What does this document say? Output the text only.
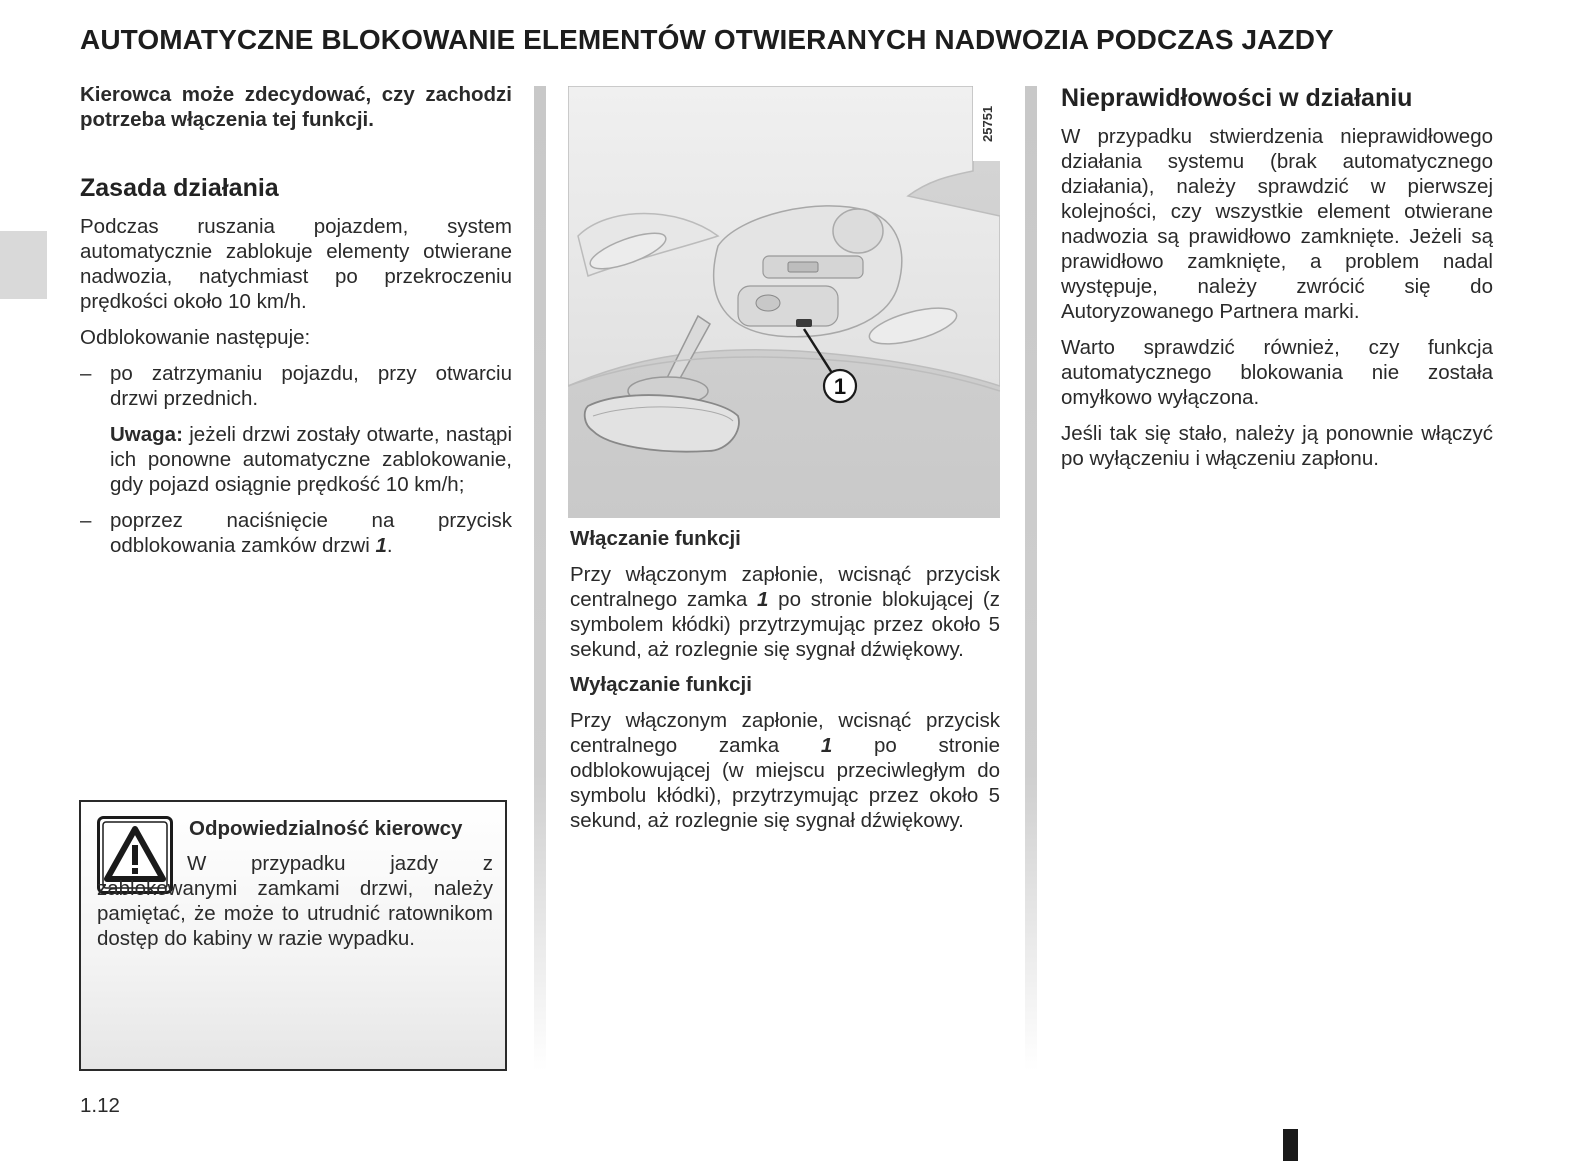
AUTOMATYCZNE BLOKOWANIE ELEMENTÓW OTWIERANYCH NADWOZIA PODCZAS JAZDY

Kierowca może zdecydować, czy zachodzi potrzeba włączenia tej funkcji.

Zasada działania

Podczas ruszania pojazdem, system automatycznie zablokuje elementy otwierane nadwozia, natychmiast po przekroczeniu prędkości około 10 km/h.

Odblokowanie następuje:

– po zatrzymaniu pojazdu, przy otwarciu drzwi przednich.

Uwaga: jeżeli drzwi zostały otwarte, nastąpi ich ponowne automatyczne zablokowanie, gdy pojazd osiągnie prędkość 10 km/h;

– poprzez naciśnięcie na przycisk odblokowania zamków drzwi 1.

Odpowiedzialność kierowcy

W przypadku jazdy z zablokowanymi zamkami drzwi, należy pamiętać, że może to utrudnić ratownikom dostęp do kabiny w razie wypadku.

25751
1
Włączanie funkcji

Przy włączonym zapłonie, wcisnąć przycisk centralnego zamka 1 po stronie blokującej (z symbolem kłódki) przytrzymując przez około 5 sekund, aż rozlegnie się sygnał dźwiękowy.

Wyłączanie funkcji

Przy włączonym zapłonie, wcisnąć przycisk centralnego zamka 1 po stronie odblokowującej (w miejscu przeciwległym do symbolu kłódki), przytrzymując przez około 5 sekund, aż rozlegnie się sygnał dźwiękowy.

Nieprawidłowości w działaniu

W przypadku stwierdzenia nieprawidłowego działania systemu (brak automatycznego działania), należy sprawdzić w pierwszej kolejności, czy wszystkie element otwierane nadwozia są prawidłowo zamknięte. Jeżeli są prawidłowo zamknięte, a problem nadal występuje, należy zwrócić się do Autoryzowanego Partnera marki.

Warto sprawdzić również, czy funkcja automatycznego blokowania nie została omyłkowo wyłączona.

Jeśli tak się stało, należy ją ponownie włączyć po wyłączeniu i włączeniu zapłonu.

1.12
